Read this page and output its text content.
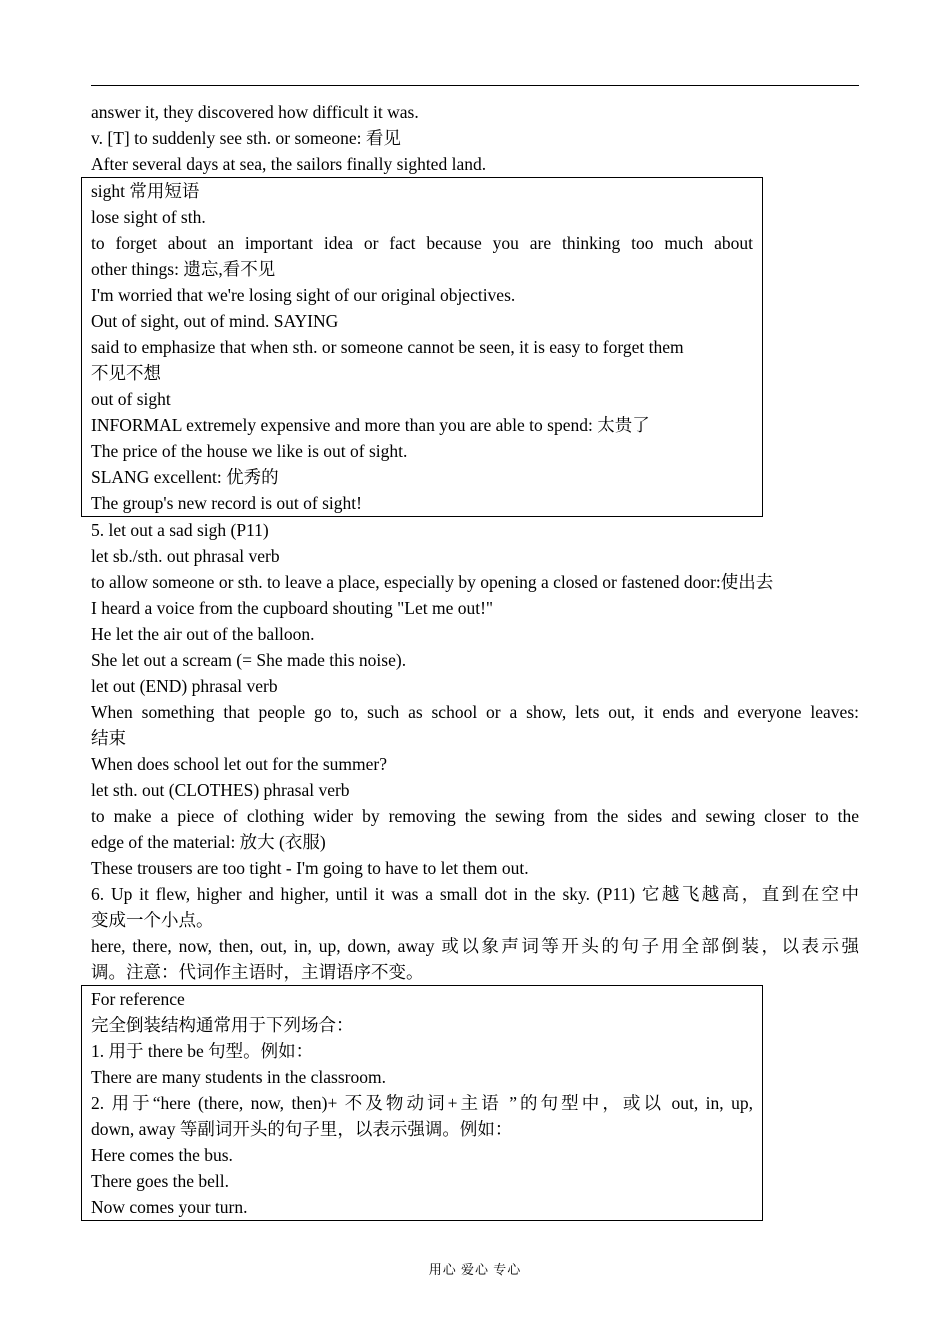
answer it, they discovered how difficult it was.
v. [T] to suddenly see sth. or someone: 看见
After several days at sea, the sailors finally sighted land.
sight 常用短语
lose sight of sth.
to forget about an important idea or fact because you are thinking too much about
other things: 遗忘,看不见
I'm worried that we're losing sight of our original objectives.
Out of sight, out of mind. SAYING
said to emphasize that when sth. or someone cannot be seen, it is easy to forget them
不见不想
out of sight
INFORMAL extremely expensive and more than you are able to spend: 太贵了
The price of the house we like is out of sight.
SLANG excellent: 优秀的
The group's new record is out of sight!
5. let out a sad sigh (P11)
let sb./sth. out phrasal verb
to allow someone or sth. to leave a place, especially by opening a closed or fastened door:使出去
I heard a voice from the cupboard shouting "Let me out!"
He let the air out of the balloon.
She let out a scream (= She made this noise).
let out (END) phrasal verb
When something that people go to, such as school or a show, lets out, it ends and everyone leaves:
结束
When does school let out for the summer?
let sth. out (CLOTHES) phrasal verb
to make a piece of clothing wider by removing the sewing from the sides and sewing closer to the
edge of the material: 放大 (衣服)
These trousers are too tight - I'm going to have to let them out.
6. Up it flew, higher and higher, until it was a small dot in the sky. (P11) 它越飞越高，直到在空中
变成一个小点。
here, there, now, then, out, in, up, down, away 或以象声词等开头的句子用全部倒装，以表示强
调。注意：代词作主语时，主谓语序不变。
For reference
完全倒装结构通常用于下列场合：
1. 用于 there be 句型。例如：
There are many students in the classroom.
2. 用于“here (there, now, then)+ 不及物动词+主语 ”的句型中，或以 out, in, up,
down, away 等副词开头的句子里，以表示强调。例如：
Here comes the bus.
There goes the bell.
Now comes your turn.
用心 爱心 专心
